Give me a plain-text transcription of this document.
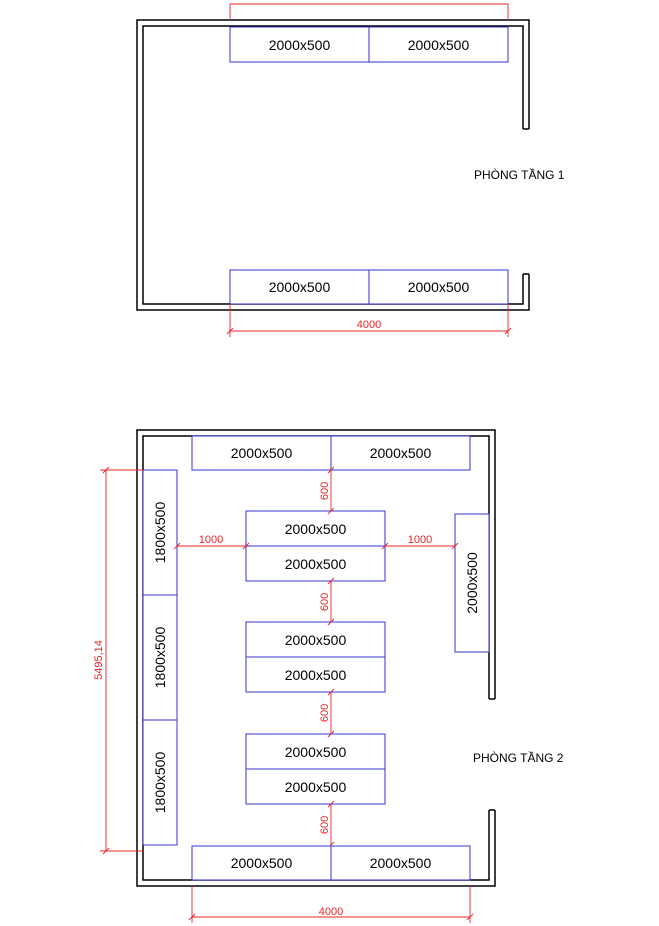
2000x500	2000x500
2000x500	2000x500
PHÒNG TẦNG 1
4000
2000x500	2000x500
1800x500
1800x500
1800x500
2000x500
2000x500
2000x500
2000x500
2000x500
2000x500
2000x500
600
600
600
600
1000	1000
5495,14
2000x500	2000x500
PHÒNG TẦNG 2
4000
